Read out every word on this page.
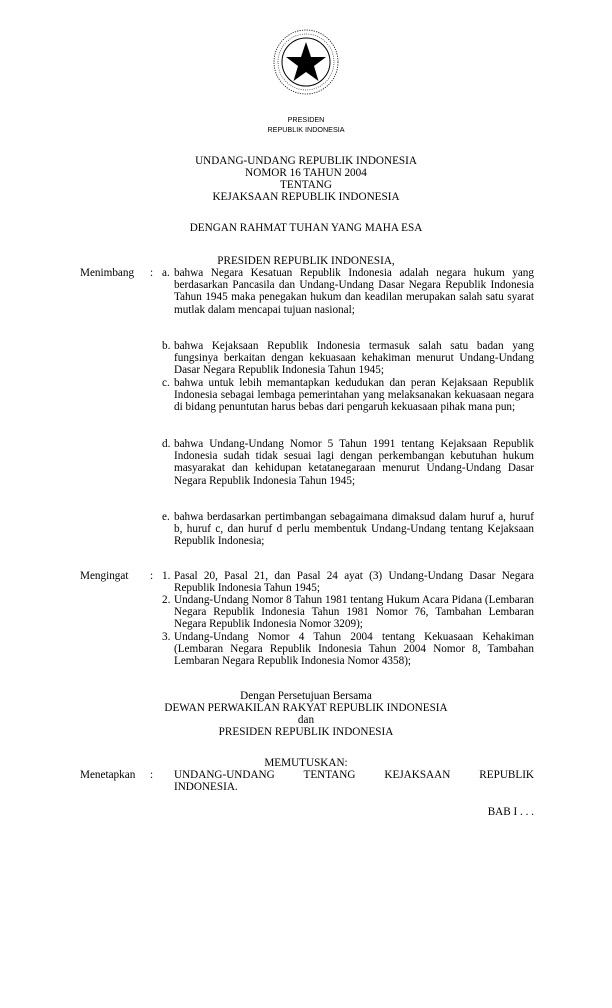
PRESIDEN
REPUBLIK INDONESIA
UNDANG-UNDANG REPUBLIK INDONESIA
NOMOR 16 TAHUN 2004
TENTANG
KEJAKSAAN REPUBLIK INDONESIA
DENGAN RAHMAT TUHAN YANG MAHA ESA
PRESIDEN REPUBLIK INDONESIA,
Menimbang : a. bahwa Negara Kesatuan Republik Indonesia adalah negara hukum yang berdasarkan Pancasila dan Undang-Undang Dasar Negara Republik Indonesia Tahun 1945 maka penegakan hukum dan keadilan merupakan salah satu syarat mutlak dalam mencapai tujuan nasional;
b. bahwa Kejaksaan Republik Indonesia termasuk salah satu badan yang fungsinya berkaitan dengan kekuasaan kehakiman menurut Undang-Undang Dasar Negara Republik Indonesia Tahun 1945;
c. bahwa untuk lebih memantapkan kedudukan dan peran Kejaksaan Republik Indonesia sebagai lembaga pemerintahan yang melaksanakan kekuasaan negara di bidang penuntutan harus bebas dari pengaruh kekuasaan pihak mana pun;
d. bahwa Undang-Undang Nomor 5 Tahun 1991 tentang Kejaksaan Republik Indonesia sudah tidak sesuai lagi dengan perkembangan kebutuhan hukum masyarakat dan kehidupan ketatanegaraan menurut Undang-Undang Dasar Negara Republik Indonesia Tahun 1945;
e. bahwa berdasarkan pertimbangan sebagaimana dimaksud dalam huruf a, huruf b, huruf c, dan huruf d perlu membentuk Undang-Undang tentang Kejaksaan Republik Indonesia;
Mengingat : 1. Pasal 20, Pasal 21, dan Pasal 24 ayat (3) Undang-Undang Dasar Negara Republik Indonesia Tahun 1945;
2. Undang-Undang Nomor 8 Tahun 1981 tentang Hukum Acara Pidana (Lembaran Negara Republik Indonesia Tahun 1981 Nomor 76, Tambahan Lembaran Negara Republik Indonesia Nomor 3209);
3. Undang-Undang Nomor 4 Tahun 2004 tentang Kekuasaan Kehakiman (Lembaran Negara Republik Indonesia Tahun 2004 Nomor 8, Tambahan Lembaran Negara Republik Indonesia Nomor 4358);
Dengan Persetujuan Bersama
DEWAN PERWAKILAN RAKYAT REPUBLIK INDONESIA
dan
PRESIDEN REPUBLIK INDONESIA
MEMUTUSKAN:
Menetapkan : UNDANG-UNDANG TENTANG KEJAKSAAN REPUBLIK INDONESIA.
BAB I . . .
